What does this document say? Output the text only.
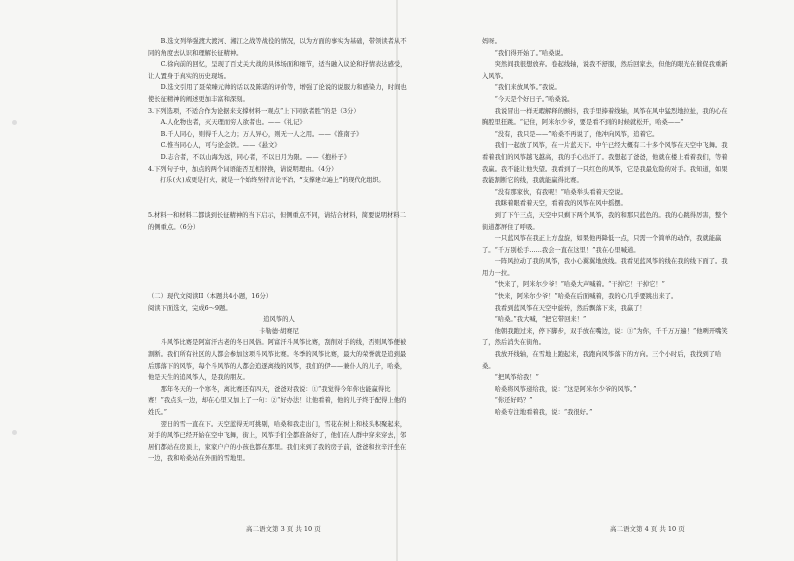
B.选文列举强渡大渡河、湘江之战等战役的情况，以为方面的事实为基础，带领读者从不同的角度去认识和理解长征精神。

C.徐向前的回忆，呈现了百丈关大战的具体场面和细节，适当融入议论和抒情表达感受，让人置身于真实的历史现场。

D.选文引用了聂荣臻元帅的话以及陈诺的评价等，增强了论说的说服力和感染力，时间也使长征精神的阐述更加丰富和深刻。

3.下列选项，不适合作为论据来支撑材料一观点“上下同欲者胜”的是（3分）

A.人化物也者，灭天理而穷人欲者也。——《礼记》

B.千人同心，则得千人之力；万人异心，则无一人之用。——《淮南子》

C.惟当同心人，可与论金铁。——《悬文》

D.志合者，不以山海为远，同心者，不以日月为限。——《抱朴子》

4.下列句子中，加点的两个词语能否互相替换，请说明理由。（4分）

打乐(火)成更是打火，就是一个始终坚持言论平冶，“支撑建立遍上”的现代化组织。

5.材料一和材料二都谈到长征精神的当下启示，但侧重点不同，请结合材料，简要说明材料二的侧重点。（6分）

（二）现代文阅读II（本题共4小题，16分）

阅读下面选文，完成6～9题。

追风筝的人

卡勒德·胡赛尼

斗风筝比赛是阿富汗古老的冬日风俗。阿富汗斗风筝比赛，刮削对手的线，否则风筝便被割断。我们所有社区的人都会参加这项斗风筝比赛。冬季的风筝比赛，最大的荣誉就是追到最后那落下的风筝，每个斗风筝的人都会追逐离线的风筝，我们的伊——兼仆人的儿子，哈桑，他是天生的追风筝人，是我的朋友。

那年冬天的一个寒冬，离比赛还有四天，爸爸对我说：①“我觉得今年你也能赢得比赛！”我点头一边，却在心里又加上了一句：②“好办法！让他看着，他的儿子终于配得上他的姓氏。”

翌日的雪一直在下。天空蓝得无可挑剔，哈桑和我走出门，雪花在树上和枝头积聚起来，对手的风筝已经开始在空中飞舞，街上，风筝手们全都准备好了，他们在人群中穿来穿去，邻居们都站在房顶上，家家户户的小孩也都在那里。我们来到了我的房子前，爸爸和拉辛汗坐在一边，我和哈桑站在外面的雪地里。

妈呀。

“我们得开始了。”哈桑说。

突然间我很想放弃。卷起线轴，说我不舒服，然后回家去，但他的眼光在催促我重新入风筝。

“我们来放风筝。”我说。

“今天是个好日子。”哈桑说。

我说冒出一样无暇解释的颤抖，我手里捧着线轴，风筝在风中猛烈地拉扯，我的心在胸腔里狂跳。“记住，阿米尔少爷，要是看不到的时候就松开，哈桑——”

“没有，我只是——”哈桑不再说了，他冲向风筝，追着它。

我们一起放了风筝，在一片蓝天下。中午已经大概有二十多个风筝在天空中飞舞。我看着我们的风筝越飞越高，我的手心出汗了。我想起了爸爸，他就在楼上看着我们，等着我赢。我不能让他失望。我看到了一只红色的风筝，它是我最危险的对手。我知道，如果我能割断它的线，我就能赢得比赛。

“没有那家伙，有我呢！”哈桑举头看着天空说。

我眯着眼看着天空，看着我的风筝在风中摇摆。

到了下午三点，天空中只剩下两个风筝，我的和那只蓝色的。我的心跳得厉害，整个街道都屏住了呼吸。

一只蓝风筝在我正上方盘旋，如果他再降低一点，只需一个简单的动作，我就能赢了。“千万别松手……我会一直在这里！”我在心里喊道。

一阵风拉动了我的风筝，我小心翼翼地放线。我看见蓝风筝的线在我的线下面了。我用力一拉。

“快来了，阿米尔少爷！”哈桑大声喊着。“干掉它！干掉它！”

“快来，阿米尔少爷！”哈桑在后面喊着，我的心几乎要跳出来了。

我看到蓝风筝在天空中旋转，然后飘落下来，我赢了！

“哈桑。”我大喊，“把它带回来！”

他朝我跑过来，停下脚步，双手放在嘴边，说：③“为你，千千万万遍！”他咧开嘴笑了，然后消失在街角。

我放开线轴，在雪地上跑起来，我跑向风筝落下的方向。三个小时后，我找到了哈桑。

“把风筝给我！”

哈桑将风筝递给我，说：“这是阿米尔少爷的风筝。”

“你还好吗？”

哈桑专注地看着我，说：“我很好。”

高二语文第 3 页 共 10 页	高二语文第 4 页 共 10 页
